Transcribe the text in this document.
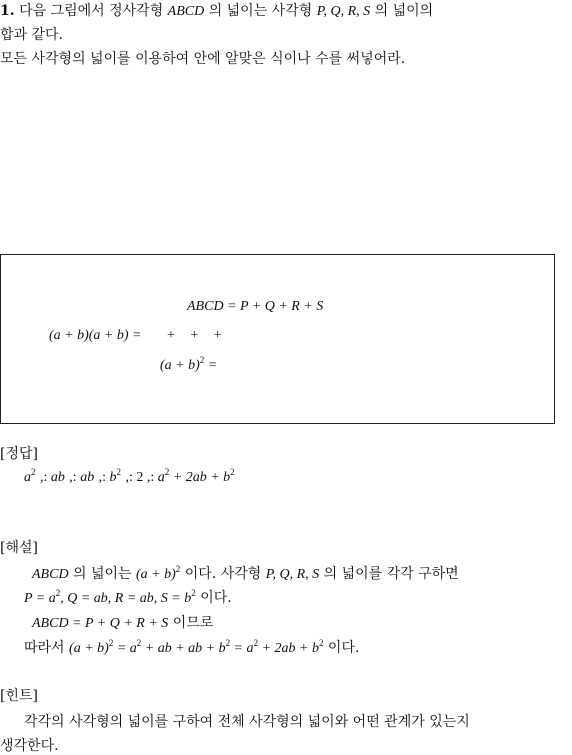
1. 다음 그림에서 정사각형 ABCD 의 넓이는 사각형 P, Q, R, S 의 넓이의
합과 같다.
모든 사각형의 넓이를 이용하여 안에 알맞은 식이나 수를 써넣어라.
ABCD = P + Q + R + S
(a + b)(a + b) = + + +
$(a + b)^2$ =
[정답]
$a^2$ ,: ab ,: ab ,: $b^2$ ,: 2 ,: $a^2 + 2ab + b^2$
[해설]
ABCD 의 넓이는 $(a + b)^2$ 이다. 사각형 P, Q, R, S 의 넓이를 각각 구하면
$P = a^2$, Q = ab, R = ab, $S = b^2$ 이다.
ABCD = P + Q + R + S 이므로
따라서 $(a + b)^2 = a^2$ + ab + ab + $b^2 = a^2 + 2ab + b^2$ 이다.
[힌트]
각각의 사각형의 넓이를 구하여 전체 사각형의 넓이와 어떤 관계가 있는지
생각한다.
